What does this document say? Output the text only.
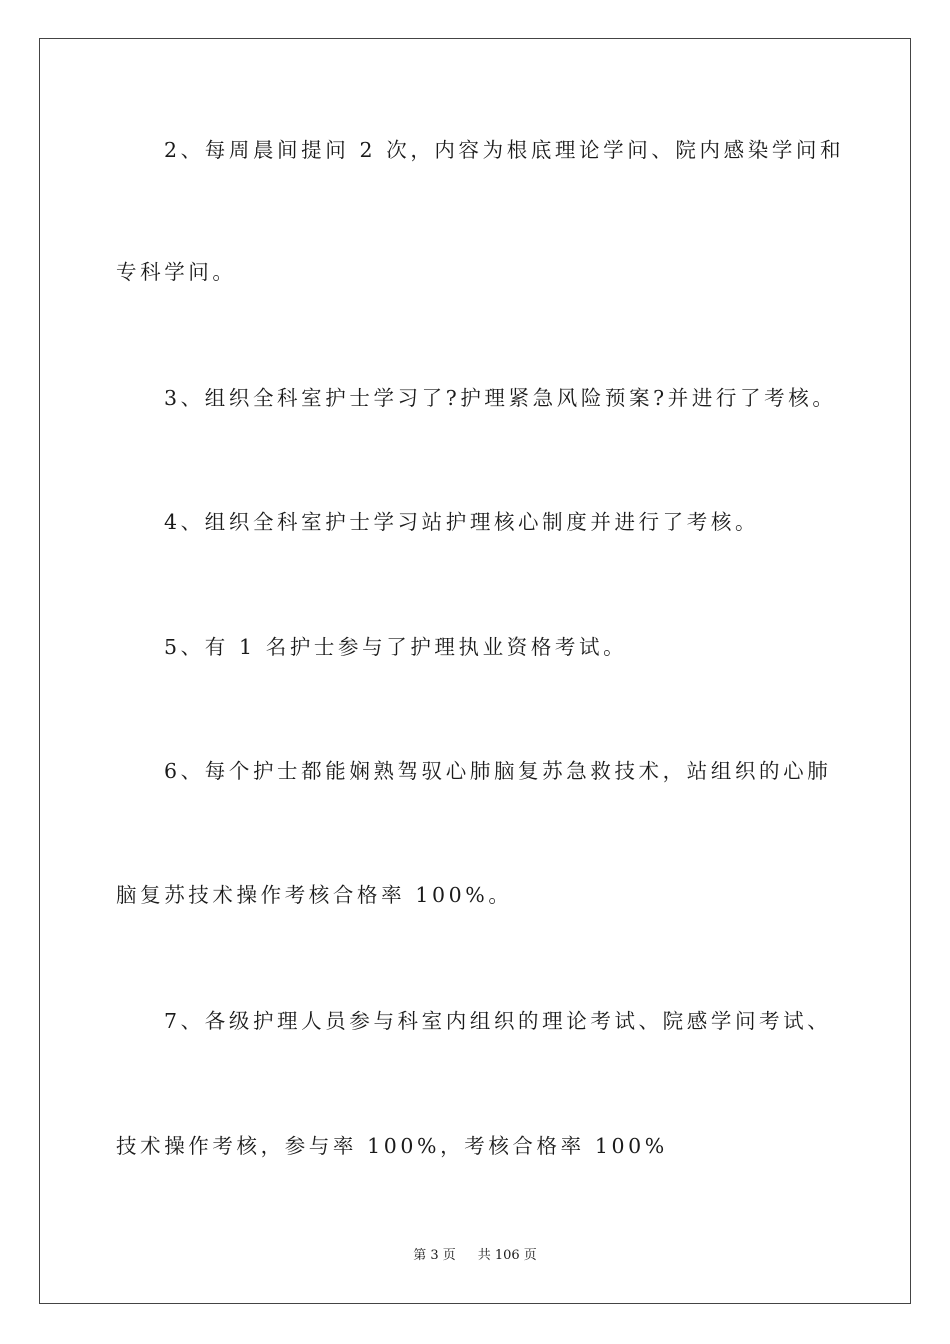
2、每周晨间提问 2 次，内容为根底理论学问、院内感染学问和
专科学问。
3、组织全科室护士学习了?护理紧急风险预案?并进行了考核。
4、组织全科室护士学习站护理核心制度并进行了考核。
5、有 1 名护士参与了护理执业资格考试。
6、每个护士都能娴熟驾驭心肺脑复苏急救技术，站组织的心肺
脑复苏技术操作考核合格率 100%。
7、各级护理人员参与科室内组织的理论考试、院感学问考试、
技术操作考核，参与率 100%，考核合格率 100%
第 3 页 共 106 页
